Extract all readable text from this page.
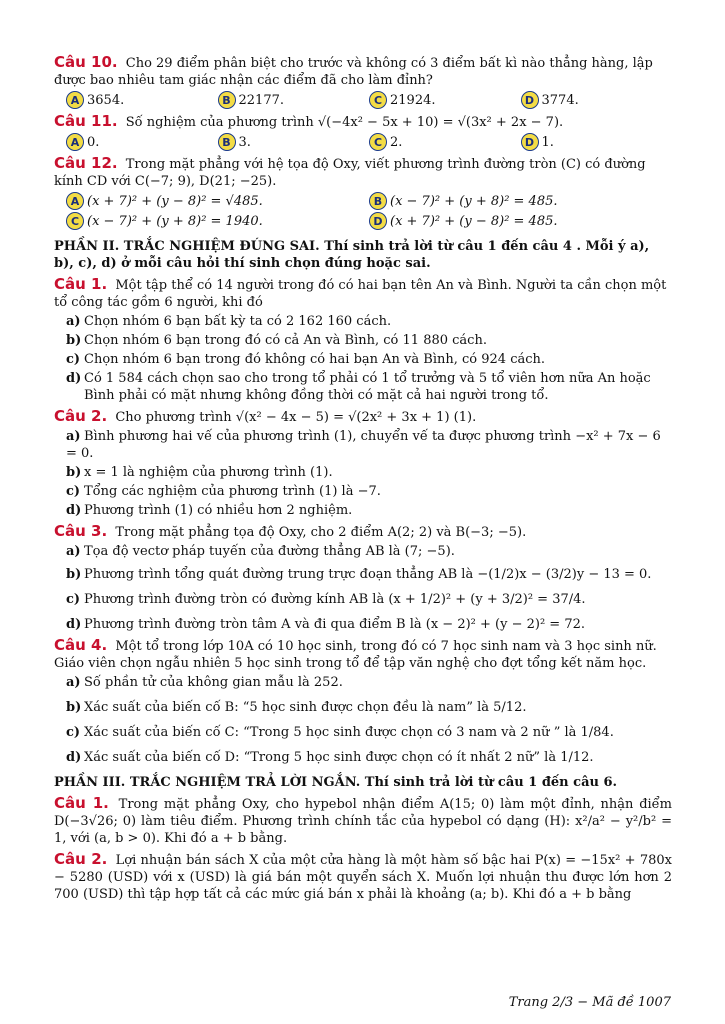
Câu 10. Cho 29 điểm phân biệt cho trước và không có 3 điểm bất kì nào thẳng hàng, lập được bao nhiêu tam giác nhận các điểm đã cho làm đỉnh?
A 3654.	B 22177.	C 21924.	D 3774.
Câu 11. Số nghiệm của phương trình √(−4x² − 5x + 10) = √(3x² + 2x − 7).
A 0.	B 3.	C 2.	D 1.
Câu 12. Trong mặt phẳng với hệ tọa độ Oxy, viết phương trình đường tròn (C) có đường kính CD với C(−7; 9), D(21; −25).
A (x + 7)² + (y − 8)² = √485.	B (x − 7)² + (y + 8)² = 485.
C (x − 7)² + (y + 8)² = 1940.	D (x + 7)² + (y − 8)² = 485.
PHẦN II. TRẮC NGHIỆM ĐÚNG SAI. Thí sinh trả lời từ câu 1 đến câu 4 . Mỗi ý a), b), c), d) ở mỗi câu hỏi thí sinh chọn đúng hoặc sai.
Câu 1. Một tập thể có 14 người trong đó có hai bạn tên An và Bình. Người ta cần chọn một tổ công tác gồm 6 người, khi đó
a) Chọn nhóm 6 bạn bất kỳ ta có 2 162 160 cách.
b) Chọn nhóm 6 bạn trong đó có cả An và Bình, có 11 880 cách.
c) Chọn nhóm 6 bạn trong đó không có hai bạn An và Bình, có 924 cách.
d) Có 1 584 cách chọn sao cho trong tổ phải có 1 tổ trưởng và 5 tổ viên hơn nữa An hoặc Bình phải có mặt nhưng không đồng thời có mặt cả hai người trong tổ.
Câu 2. Cho phương trình √(x² − 4x − 5) = √(2x² + 3x + 1) (1).
a) Bình phương hai vế của phương trình (1), chuyển vế ta được phương trình −x² + 7x − 6 = 0.
b) x = 1 là nghiệm của phương trình (1).
c) Tổng các nghiệm của phương trình (1) là −7.
d) Phương trình (1) có nhiều hơn 2 nghiệm.
Câu 3. Trong mặt phẳng tọa độ Oxy, cho 2 điểm A(2; 2) và B(−3; −5).
a) Tọa độ vectơ pháp tuyến của đường thẳng AB là (7; −5).
b) Phương trình tổng quát đường trung trực đoạn thẳng AB là −(1/2)x − (3/2)y − 13 = 0.
c) Phương trình đường tròn có đường kính AB là (x + 1/2)² + (y + 3/2)² = 37/4.
d) Phương trình đường tròn tâm A và đi qua điểm B là (x − 2)² + (y − 2)² = 72.
Câu 4. Một tổ trong lớp 10A có 10 học sinh, trong đó có 7 học sinh nam và 3 học sinh nữ. Giáo viên chọn ngẫu nhiên 5 học sinh trong tổ để tập văn nghệ cho đợt tổng kết năm học.
a) Số phần tử của không gian mẫu là 252.
b) Xác suất của biến cố B: “5 học sinh được chọn đều là nam” là 5/12.
c) Xác suất của biến cố C: “Trong 5 học sinh được chọn có 3 nam và 2 nữ ” là 1/84.
d) Xác suất của biến cố D: “Trong 5 học sinh được chọn có ít nhất 2 nữ” là 1/12.
PHẦN III. TRẮC NGHIỆM TRẢ LỜI NGẮN. Thí sinh trả lời từ câu 1 đến câu 6.
Câu 1. Trong mặt phẳng Oxy, cho hypebol nhận điểm A(15; 0) làm một đỉnh, nhận điểm D(−3√26; 0) làm tiêu điểm. Phương trình chính tắc của hypebol có dạng (H): x²/a² − y²/b² = 1, với (a, b > 0). Khi đó a + b bằng.
Câu 2. Lợi nhuận bán sách X của một cửa hàng là một hàm số bậc hai P(x) = −15x² + 780x − 5280 (USD) với x (USD) là giá bán một quyển sách X. Muốn lợi nhuận thu được lớn hơn 2 700 (USD) thì tập hợp tất cả các mức giá bán x phải là khoảng (a; b). Khi đó a + b bằng
Trang 2/3 − Mã đề 1007
